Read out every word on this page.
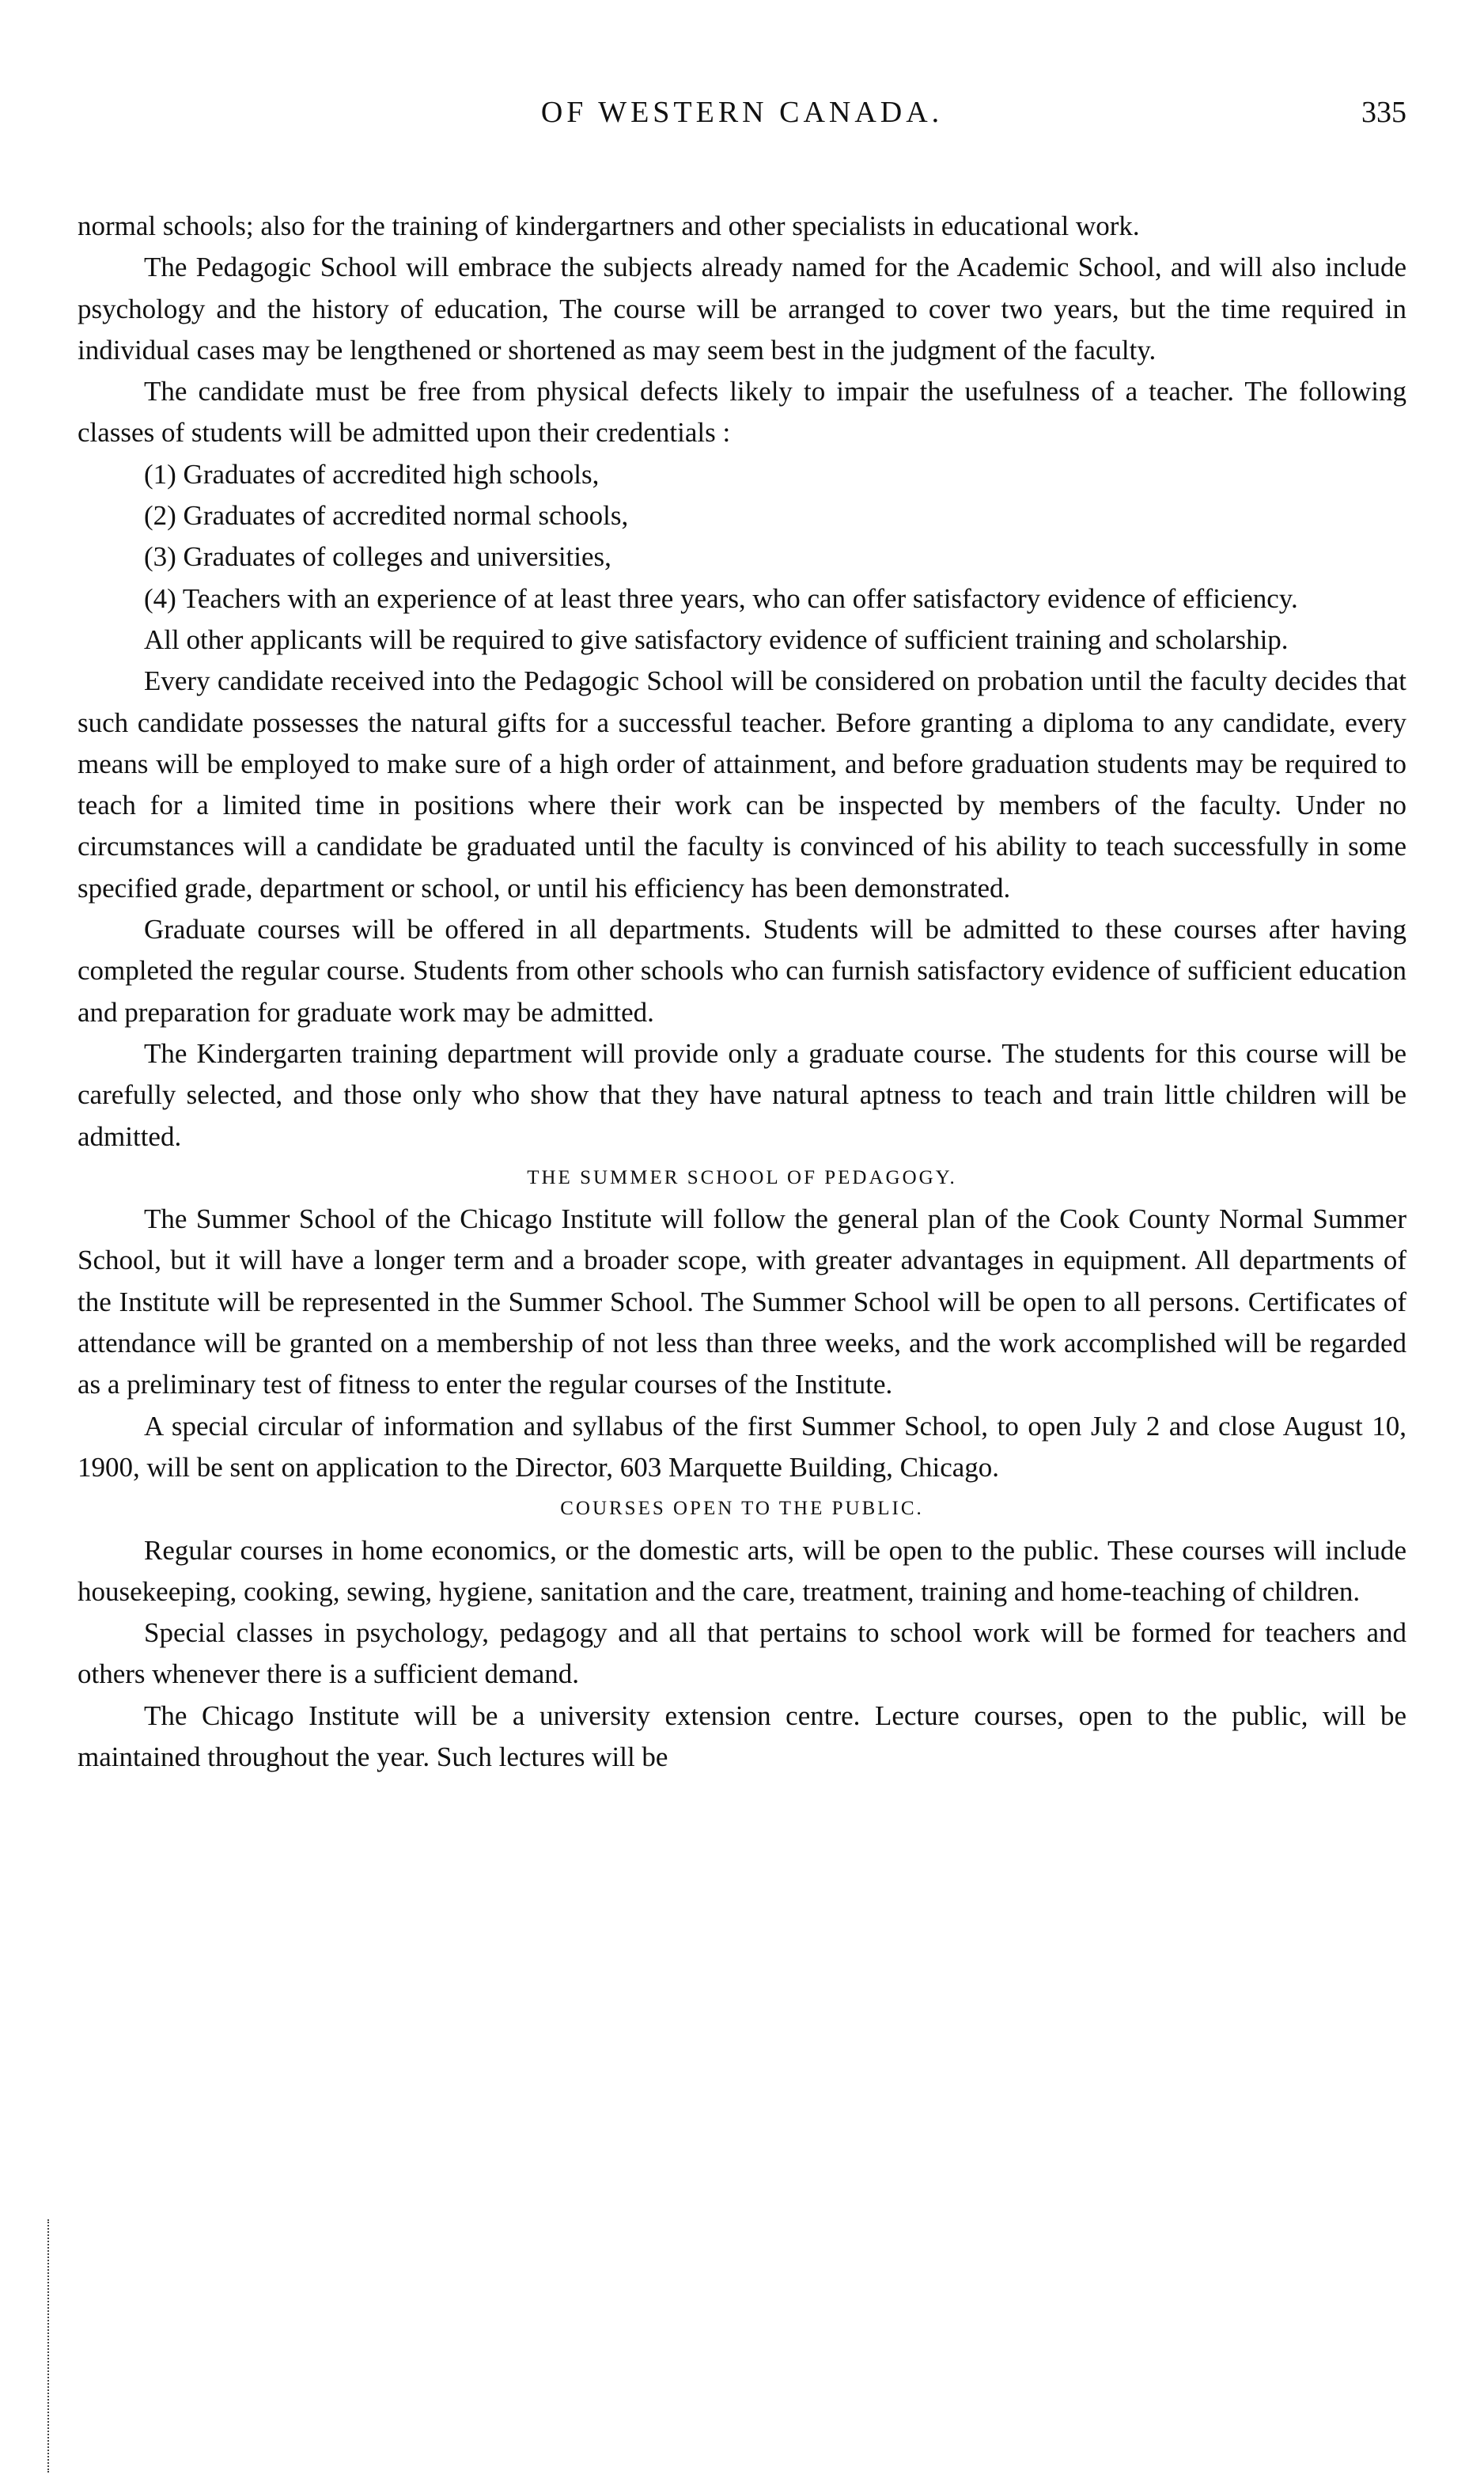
OF WESTERN CANADA.	335

normal schools; also for the training of kindergartners and other specialists in educational work.

The Pedagogic School will embrace the subjects already named for the Academic School, and will also include psychology and the history of education, The course will be arranged to cover two years, but the time required in individual cases may be lengthened or shortened as may seem best in the judgment of the faculty.

The candidate must be free from physical defects likely to impair the usefulness of a teacher. The following classes of students will be admitted upon their credentials :

(1) Graduates of accredited high schools,

(2) Graduates of accredited normal schools,

(3) Graduates of colleges and universities,

(4) Teachers with an experience of at least three years, who can offer satisfactory evidence of efficiency.

All other applicants will be required to give satisfactory evidence of sufficient training and scholarship.

Every candidate received into the Pedagogic School will be considered on probation until the faculty decides that such candidate possesses the natural gifts for a successful teacher. Before granting a diploma to any candidate, every means will be employed to make sure of a high order of attainment, and before graduation students may be required to teach for a limited time in positions where their work can be inspected by members of the faculty. Under no circumstances will a candidate be graduated until the faculty is convinced of his ability to teach successfully in some specified grade, department or school, or until his efficiency has been demonstrated.

Graduate courses will be offered in all departments. Students will be admitted to these courses after having completed the regular course. Students from other schools who can furnish satisfactory evidence of sufficient education and preparation for graduate work may be admitted.

The Kindergarten training department will provide only a graduate course. The students for this course will be carefully selected, and those only who show that they have natural aptness to teach and train little children will be admitted.

THE SUMMER SCHOOL OF PEDAGOGY.

The Summer School of the Chicago Institute will follow the general plan of the Cook County Normal Summer School, but it will have a longer term and a broader scope, with greater advantages in equipment. All departments of the Institute will be represented in the Summer School. The Summer School will be open to all persons. Certificates of attendance will be granted on a membership of not less than three weeks, and the work accomplished will be regarded as a preliminary test of fitness to enter the regular courses of the Institute.

A special circular of information and syllabus of the first Summer School, to open July 2 and close August 10, 1900, will be sent on application to the Director, 603 Marquette Building, Chicago.

COURSES OPEN TO THE PUBLIC.

Regular courses in home economics, or the domestic arts, will be open to the public. These courses will include housekeeping, cooking, sewing, hygiene, sanitation and the care, treatment, training and home-teaching of children.

Special classes in psychology, pedagogy and all that pertains to school work will be formed for teachers and others whenever there is a sufficient demand.

The Chicago Institute will be a university extension centre. Lecture courses, open to the public, will be maintained throughout the year. Such lectures will be
